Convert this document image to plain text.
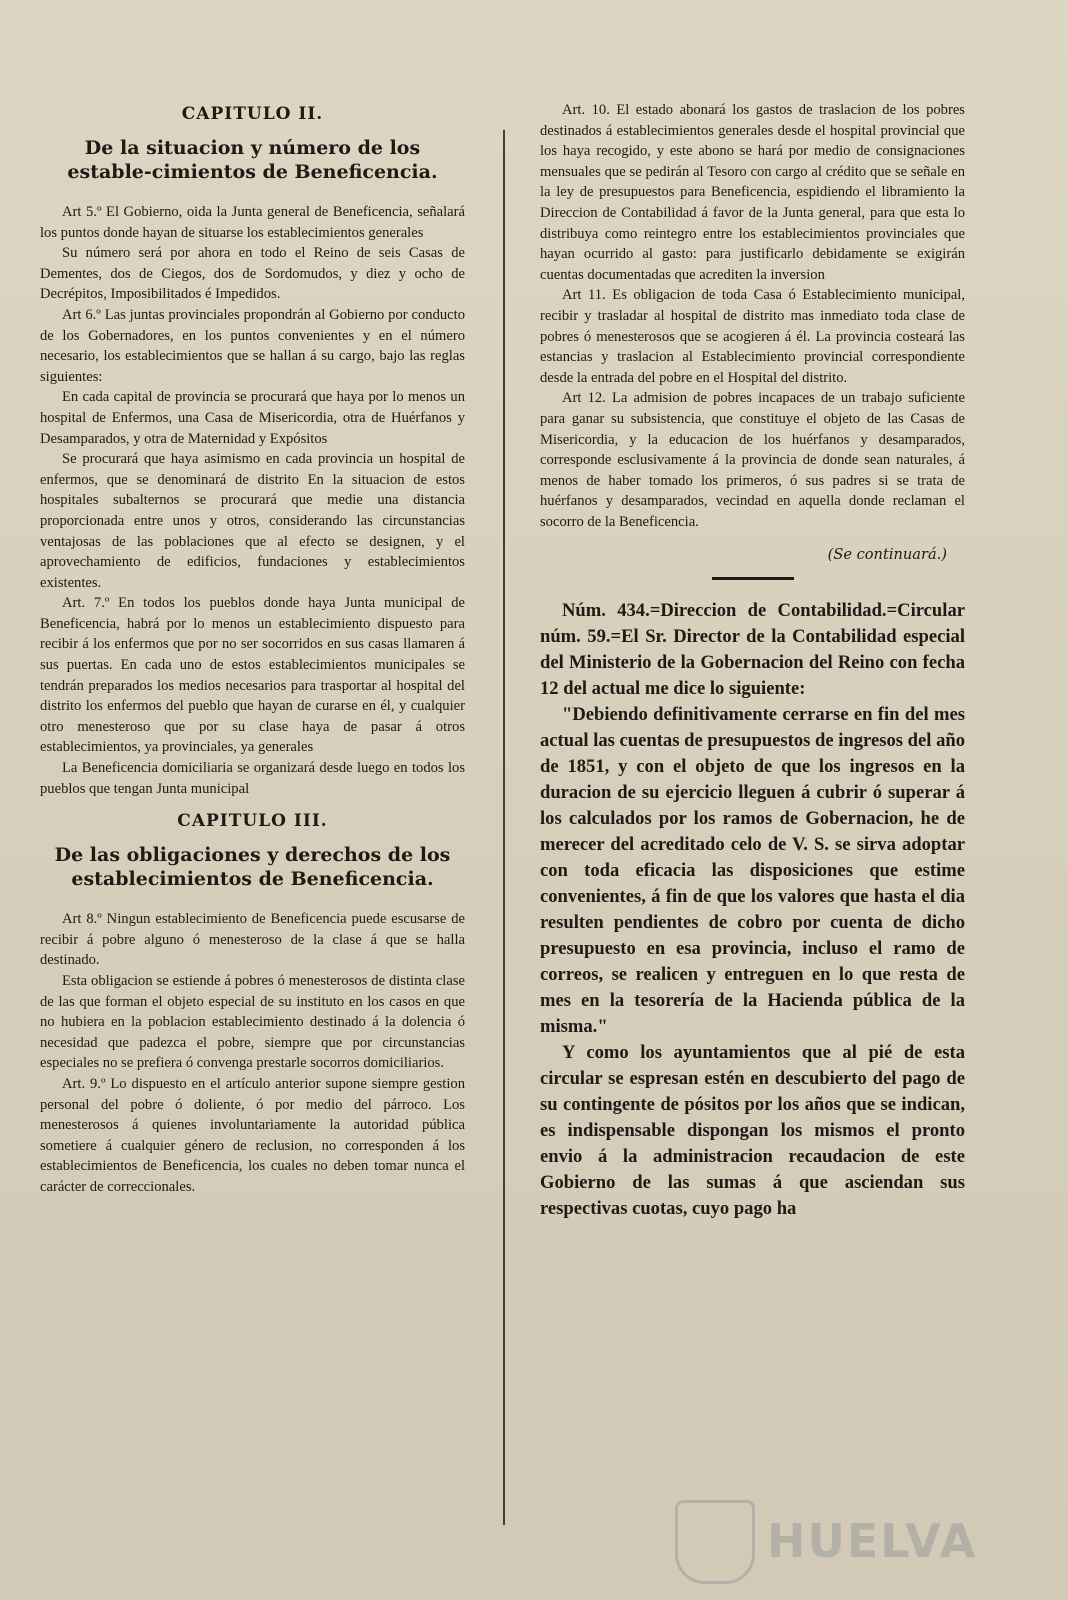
CAPITULO II.
De la situacion y número de los estable-cimientos de Beneficencia.

Art 5.º El Gobierno, oida la Junta general de Beneficencia, señalará los puntos donde hayan de situarse los establecimientos generales

Su número será por ahora en todo el Reino de seis Casas de Dementes, dos de Ciegos, dos de Sordomudos, y diez y ocho de Decrépitos, Imposibilitados é Impedidos.

Art 6.º Las juntas provinciales propondrán al Gobierno por conducto de los Gobernadores, en los puntos convenientes y en el número necesario, los establecimientos que se hallan á su cargo, bajo las reglas siguientes:

En cada capital de provincia se procurará que haya por lo menos un hospital de Enfermos, una Casa de Misericordia, otra de Huérfanos y Desamparados, y otra de Maternidad y Expósitos

Se procurará que haya asimismo en cada provincia un hospital de enfermos, que se denominará de distrito En la situacion de estos hospitales subalternos se procurará que medie una distancia proporcionada entre unos y otros, considerando las circunstancias ventajosas de las poblaciones que al efecto se designen, y el aprovechamiento de edificios, fundaciones y establecimientos existentes.

Art. 7.º En todos los pueblos donde haya Junta municipal de Beneficencia, habrá por lo menos un establecimiento dispuesto para recibir á los enfermos que por no ser socorridos en sus casas llamaren á sus puertas. En cada uno de estos establecimientos municipales se tendrán preparados los medios necesarios para trasportar al hospital del distrito los enfermos del pueblo que hayan de curarse en él, y cualquier otro menesteroso que por su clase haya de pasar á otros establecimientos, ya provinciales, ya generales

La Beneficencia domiciliaria se organizará desde luego en todos los pueblos que tengan Junta municipal

CAPITULO III.
De las obligaciones y derechos de los establecimientos de Beneficencia.

Art 8.º Ningun establecimiento de Beneficencia puede escusarse de recibir á pobre alguno ó menesteroso de la clase á que se halla destinado.

Esta obligacion se estiende á pobres ó menesterosos de distinta clase de las que forman el objeto especial de su instituto en los casos en que no hubiera en la poblacion establecimiento destinado á la dolencia ó necesidad que padezca el pobre, siempre que por circunstancias especiales no se prefiera ó convenga prestarle socorros domiciliarios.

Art. 9.º Lo dispuesto en el artículo anterior supone siempre gestion personal del pobre ó doliente, ó por medio del párroco. Los menesterosos á quienes involuntariamente la autoridad pública sometiere á cualquier género de reclusion, no corresponden á los establecimientos de Beneficencia, los cuales no deben tomar nunca el carácter de correccionales.

Art. 10. El estado abonará los gastos de traslacion de los pobres destinados á establecimientos generales desde el hospital provincial que los haya recogido, y este abono se hará por medio de consignaciones mensuales que se pedirán al Tesoro con cargo al crédito que se señale en la ley de presupuestos para Beneficencia, espidiendo el libramiento la Direccion de Contabilidad á favor de la Junta general, para que esta lo distribuya como reintegro entre los establecimientos provinciales que hayan ocurrido al gasto: para justificarlo debidamente se exigirán cuentas documentadas que acrediten la inversion

Art 11. Es obligacion de toda Casa ó Establecimiento municipal, recibir y trasladar al hospital de distrito mas inmediato toda clase de pobres ó menesterosos que se acogieren á él. La provincia costeará las estancias y traslacion al Establecimiento provincial correspondiente desde la entrada del pobre en el Hospital del distrito.

Art 12. La admision de pobres incapaces de un trabajo suficiente para ganar su subsistencia, que constituye el objeto de las Casas de Misericordia, y la educacion de los huérfanos y desamparados, corresponde esclusivamente á la provincia de donde sean naturales, á menos de haber tomado los primeros, ó sus padres si se trata de huérfanos y desamparados, vecindad en aquella donde reclaman el socorro de la Beneficencia.

(Se continuará.)

Núm. 434.=Direccion de Contabilidad.=Circular núm. 59.=El Sr. Director de la Contabilidad especial del Ministerio de la Gobernacion del Reino con fecha 12 del actual me dice lo siguiente:

"Debiendo definitivamente cerrarse en fin del mes actual las cuentas de presupuestos de ingresos del año de 1851, y con el objeto de que los ingresos en la duracion de su ejercicio lleguen á cubrir ó superar á los calculados por los ramos de Gobernacion, he de merecer del acreditado celo de V. S. se sirva adoptar con toda eficacia las disposiciones que estime convenientes, á fin de que los valores que hasta el dia resulten pendientes de cobro por cuenta de dicho presupuesto en esa provincia, incluso el ramo de correos, se realicen y entreguen en lo que resta de mes en la tesorería de la Hacienda pública de la misma."

Y como los ayuntamientos que al pié de esta circular se espresan estén en descubierto del pago de su contingente de pósitos por los años que se indican, es indispensable dispongan los mismos el pronto envio á la administracion recaudacion de este Gobierno de las sumas á que asciendan sus respectivas cuotas, cuyo pago ha

HUELVA
